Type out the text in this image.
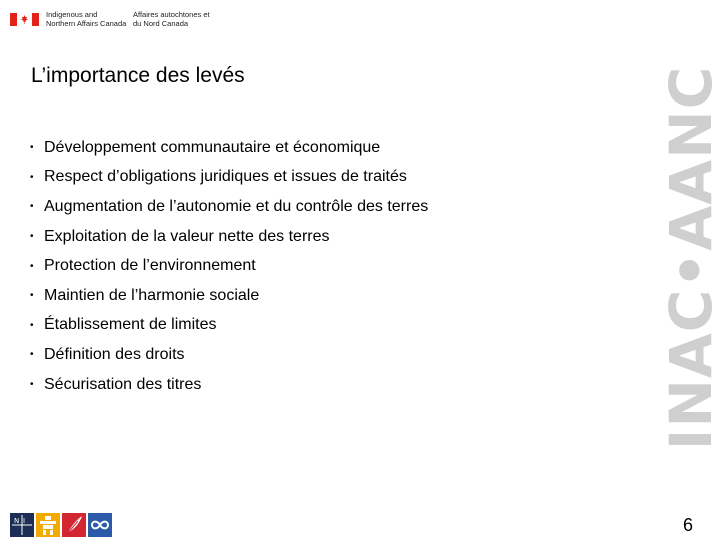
Indigenous and Northern Affairs Canada
Affaires autochtones et du Nord Canada
L’importance des levés
• Développement communautaire et économique
• Respect d’obligations juridiques et issues de traités
• Augmentation de l’autonomie et du contrôle des terres
• Exploitation de la valeur nette des terres
• Protection de l’environnement
• Maintien de l’harmonie sociale
• Établissement de limites
• Définition des droits
• Sécurisation des titres	INAC•AANC
N I	6
